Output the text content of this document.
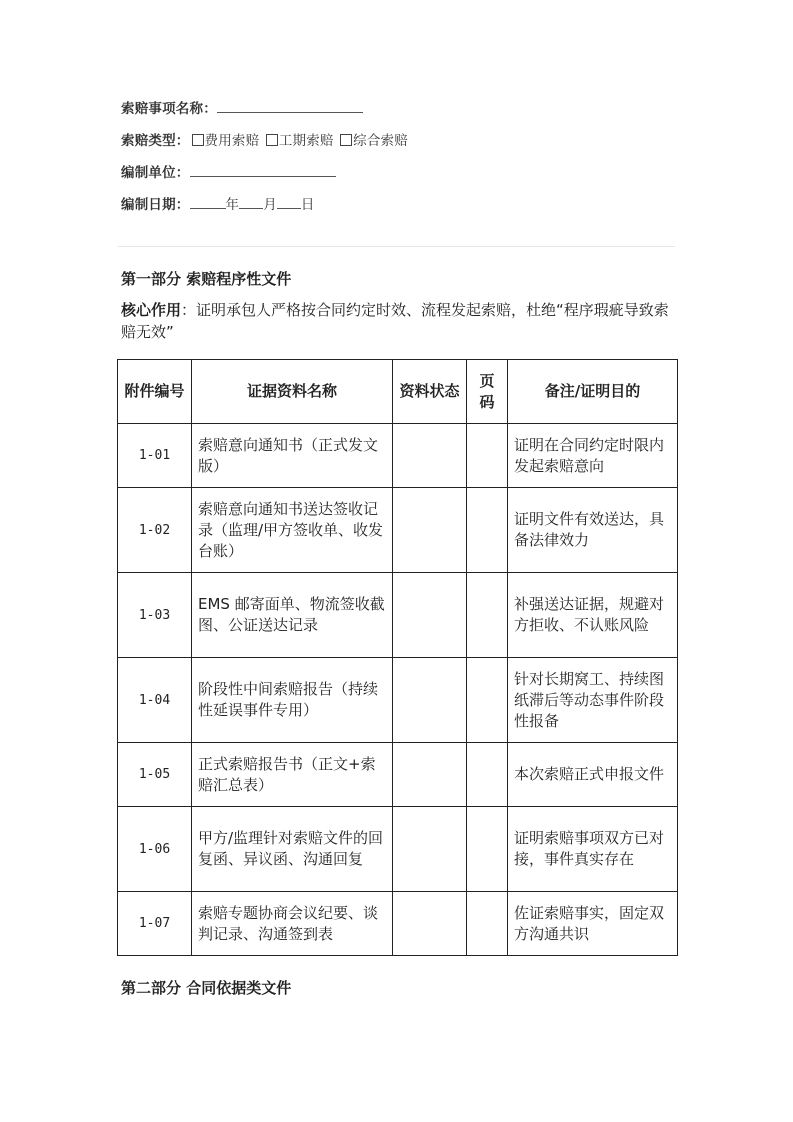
索赔事项名称：
索赔类型： 费用索赔 工期索赔 综合索赔
编制单位：
编制日期：	年 月 日
第一部分 索赔程序性文件
核心作用：证明承包人严格按合同约定时效、流程发起索赔，杜绝“程序瑕疵导致索赔无效”
附件编号	证据资料名称	资料状态	页码	备注/证明目的
1-01	索赔意向通知书（正式发文版）			证明在合同约定时限内发起索赔意向
1-02	索赔意向通知书送达签收记录（监理/甲方签收单、收发台账）			证明文件有效送达，具备法律效力
1-03	EMS 邮寄面单、物流签收截图、公证送达记录			补强送达证据，规避对方拒收、不认账风险
1-04	阶段性中间索赔报告（持续性延误事件专用）			针对长期窝工、持续图纸滞后等动态事件阶段性报备
1-05	正式索赔报告书（正文+索赔汇总表）			本次索赔正式申报文件
1-06	甲方/监理针对索赔文件的回复函、异议函、沟通回复			证明索赔事项双方已对接，事件真实存在
1-07	索赔专题协商会议纪要、谈判记录、沟通签到表			佐证索赔事实，固定双方沟通共识
第二部分 合同依据类文件
